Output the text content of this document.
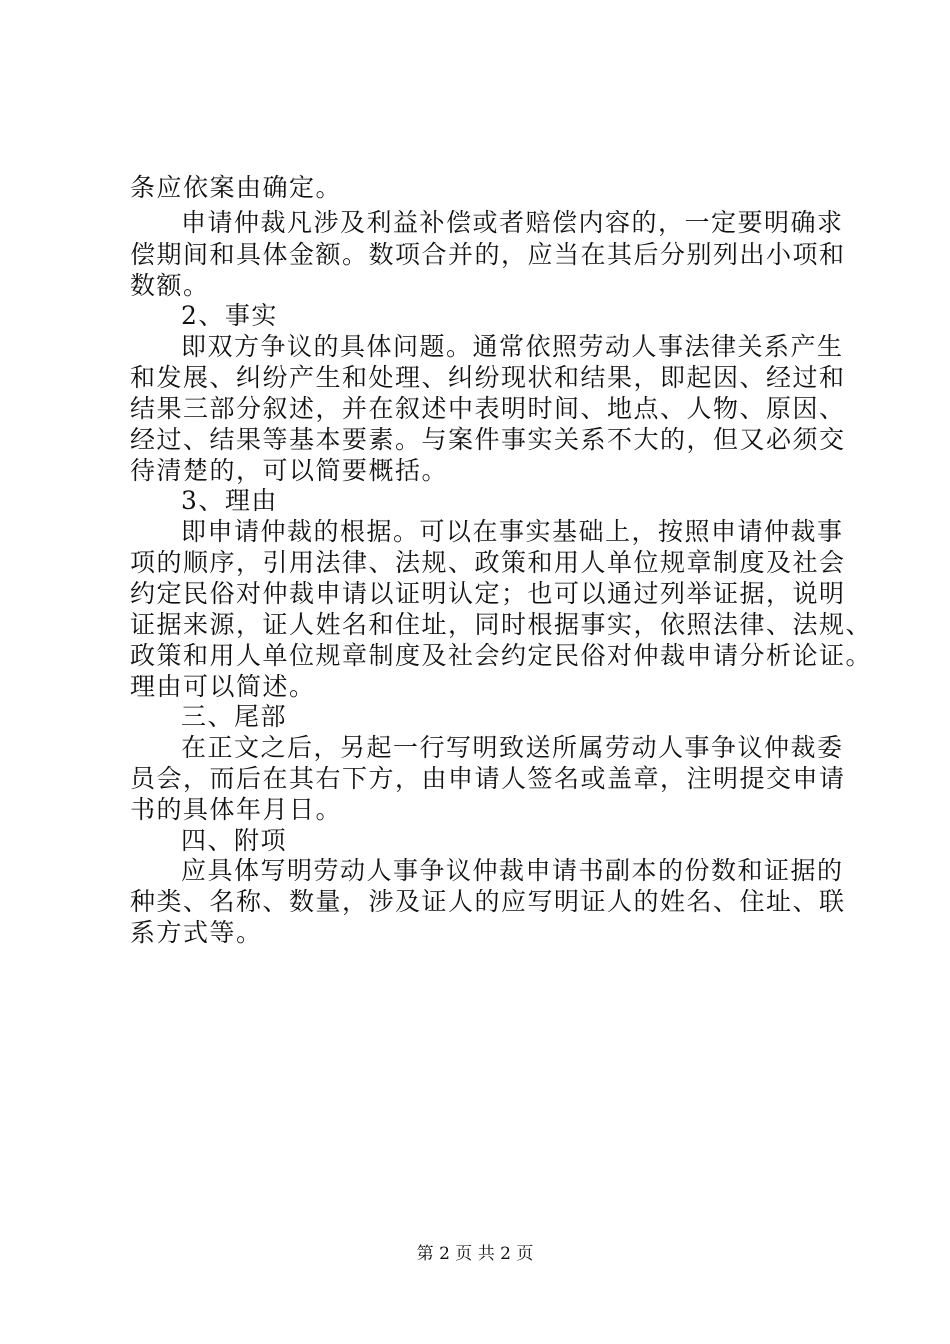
条应依案由确定。
申请仲裁凡涉及利益补偿或者赔偿内容的，一定要明确求
偿期间和具体金额。数项合并的，应当在其后分别列出小项和
数额。
2、事实
即双方争议的具体问题。通常依照劳动人事法律关系产生
和发展、纠纷产生和处理、纠纷现状和结果，即起因、经过和
结果三部分叙述，并在叙述中表明时间、地点、人物、原因、
经过、结果等基本要素。与案件事实关系不大的，但又必须交
待清楚的，可以简要概括。
3、理由
即申请仲裁的根据。可以在事实基础上，按照申请仲裁事
项的顺序，引用法律、法规、政策和用人单位规章制度及社会
约定民俗对仲裁申请以证明认定；也可以通过列举证据，说明
证据来源，证人姓名和住址，同时根据事实，依照法律、法规、
政策和用人单位规章制度及社会约定民俗对仲裁申请分析论证。
理由可以简述。
三、尾部
在正文之后，另起一行写明致送所属劳动人事争议仲裁委
员会，而后在其右下方，由申请人签名或盖章，注明提交申请
书的具体年月日。
四、附项
应具体写明劳动人事争议仲裁申请书副本的份数和证据的
种类、名称、数量，涉及证人的应写明证人的姓名、住址、联
系方式等。
第 2 页 共 2 页
